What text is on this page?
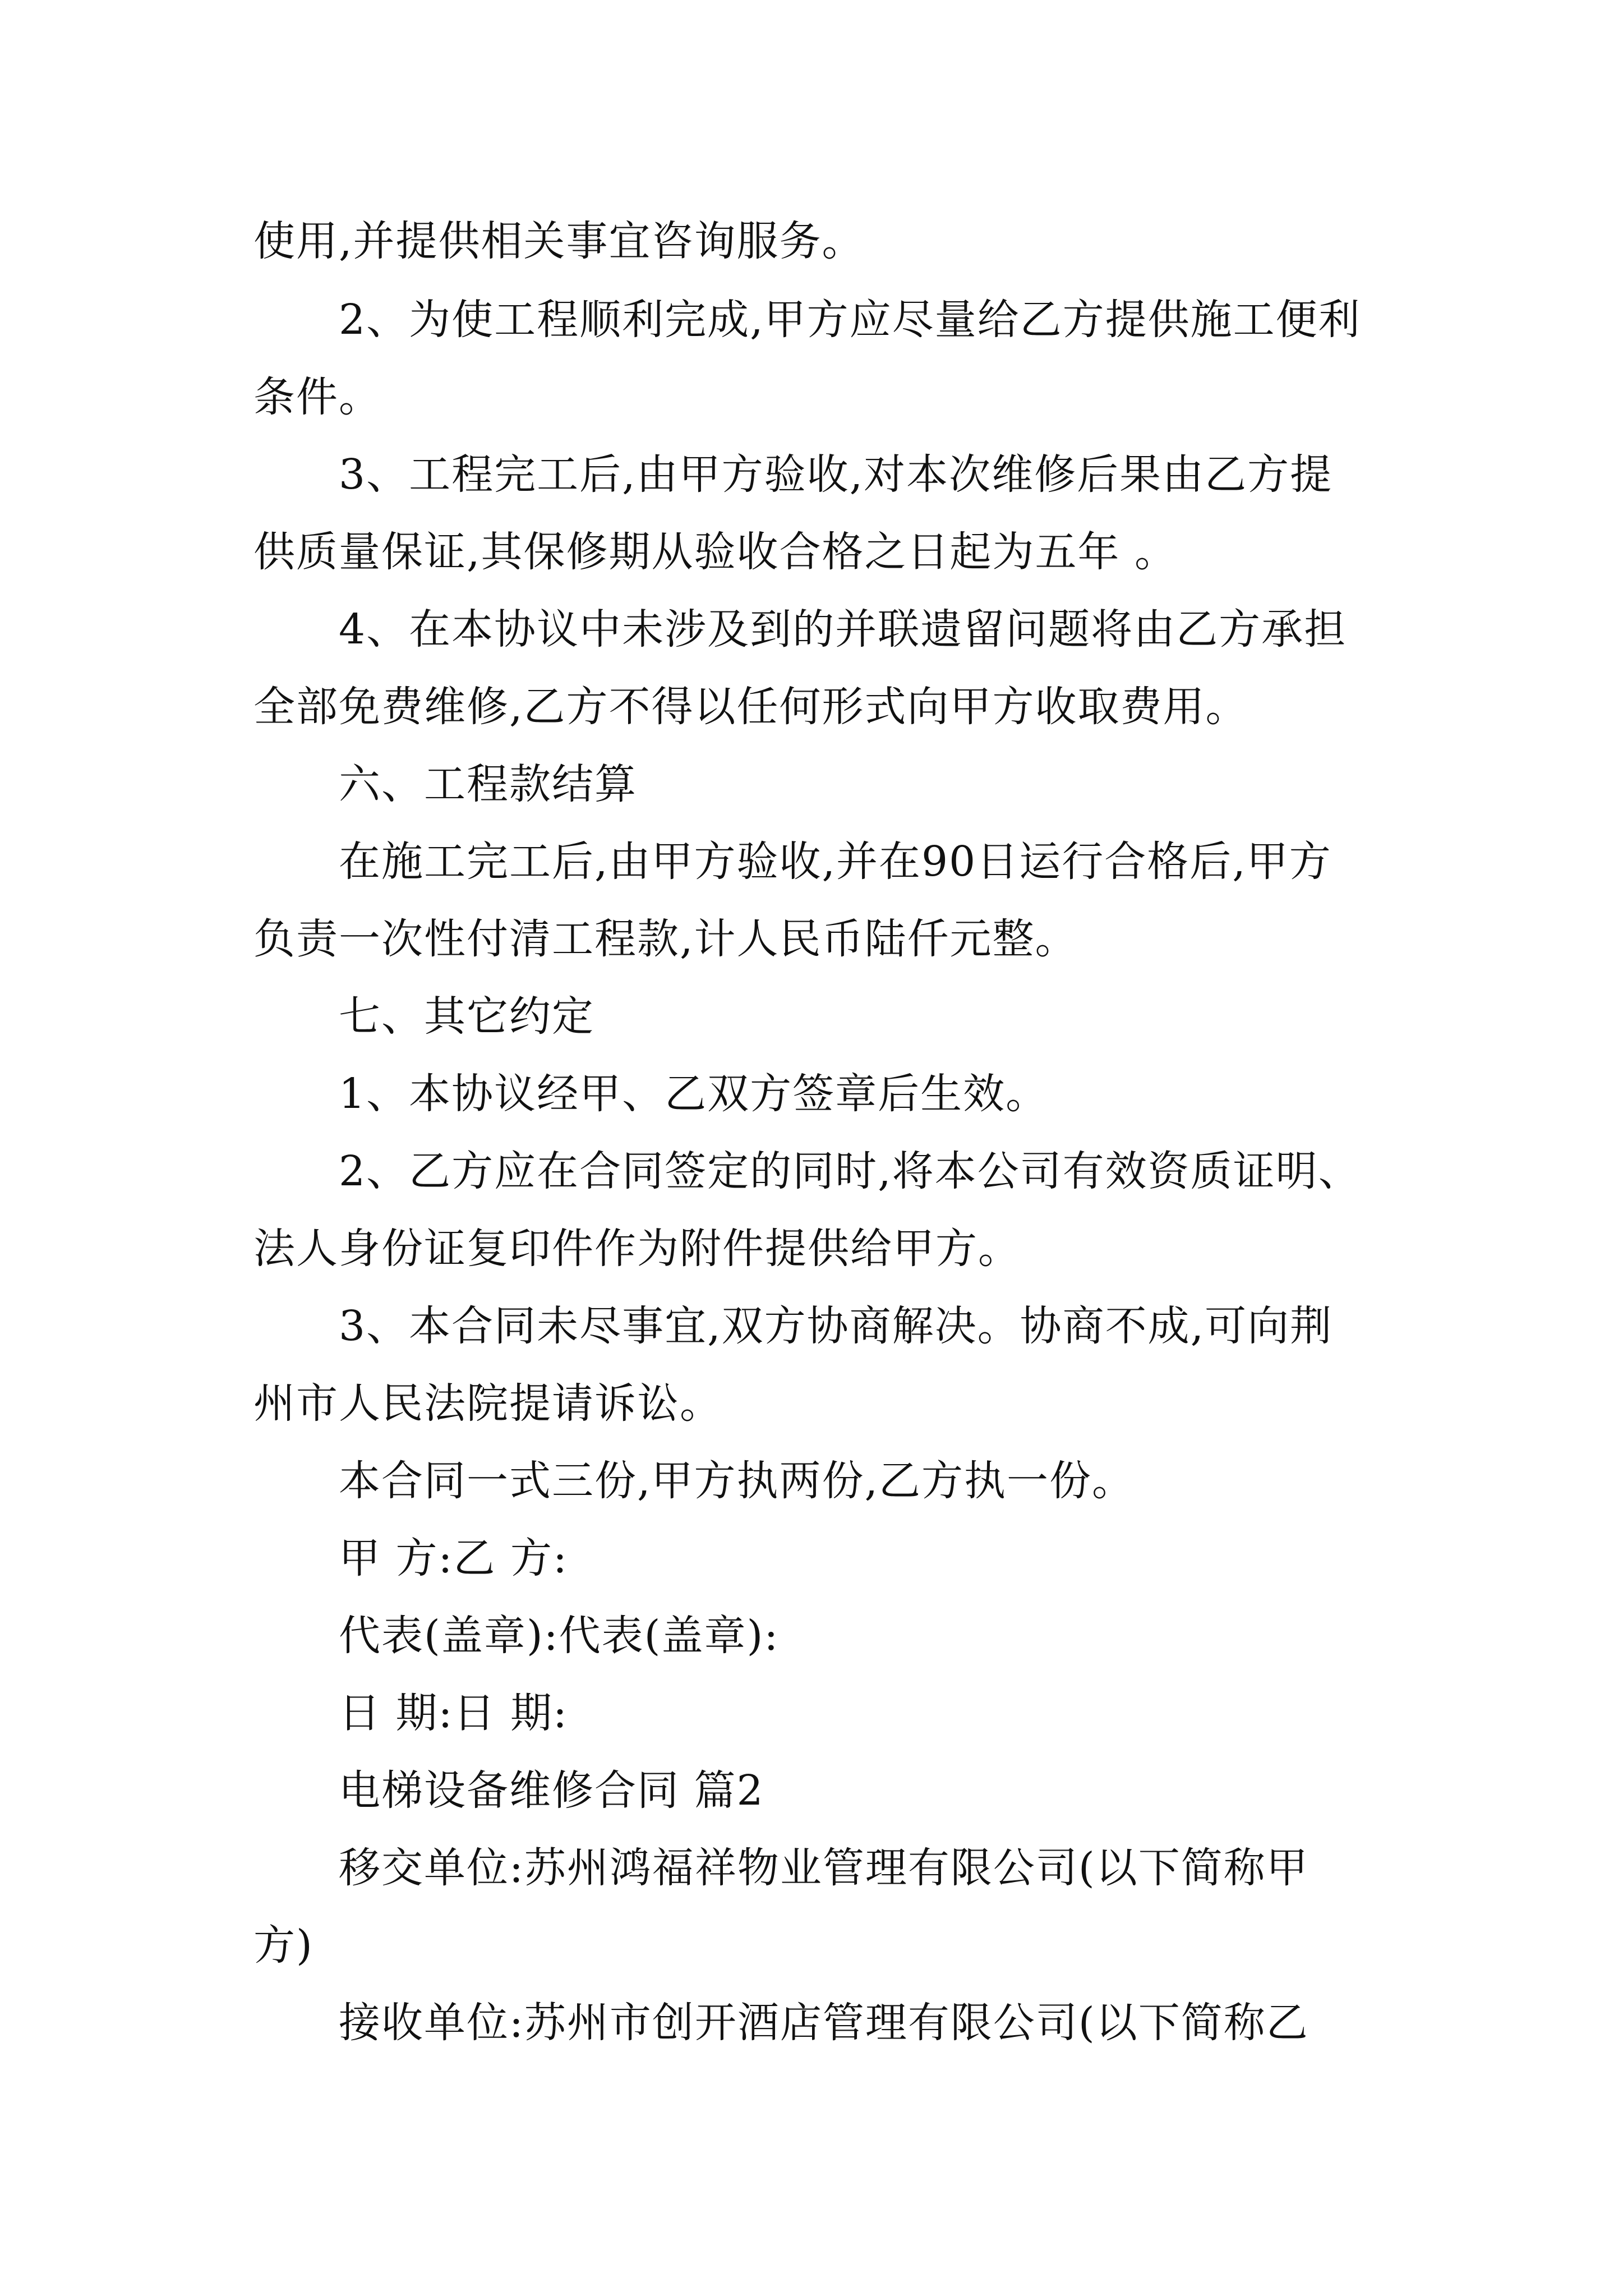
使用,并提供相关事宜咨询服务。
2、为使工程顺利完成,甲方应尽量给乙方提供施工便利
条件。
3、工程完工后,由甲方验收,对本次维修后果由乙方提
供质量保证,其保修期从验收合格之日起为五年 。
4、在本协议中未涉及到的并联遗留问题将由乙方承担
全部免费维修,乙方不得以任何形式向甲方收取费用。
六、工程款结算
在施工完工后,由甲方验收,并在90日运行合格后,甲方
负责一次性付清工程款,计人民币陆仟元整。
七、其它约定
1、本协议经甲、乙双方签章后生效。
2、乙方应在合同签定的同时,将本公司有效资质证明、
法人身份证复印件作为附件提供给甲方。
3、本合同未尽事宜,双方协商解决。协商不成,可向荆
州市人民法院提请诉讼。
本合同一式三份,甲方执两份,乙方执一份。
甲 方:乙 方:
代表(盖章):代表(盖章):
日 期:日 期:
电梯设备维修合同 篇2
移交单位:苏州鸿福祥物业管理有限公司(以下简称甲
方)
接收单位:苏州市创开酒店管理有限公司(以下简称乙
